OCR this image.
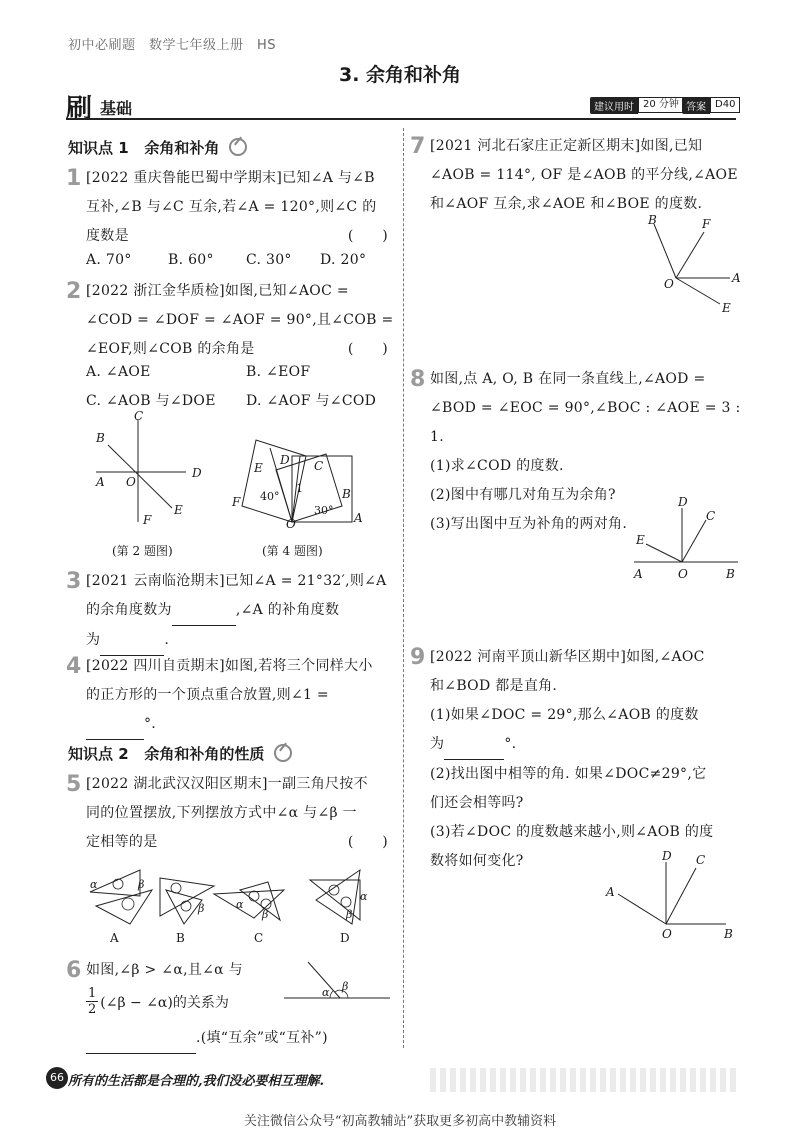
初中必刷题　数学七年级上册　HS
3. 余角和补角
刷 基础	建议用时 20 分钟 答案 D40
知识点 1 余角和补角
1 [2022 重庆鲁能巴蜀中学期末]已知∠A 与∠B
互补,∠B 与∠C 互余,若∠A = 120°,则∠C 的
度数是	(　　)
A. 70°	B. 60°	C. 30°	D. 20°
2 [2022 浙江金华质检]如图,已知∠AOC =
∠COD = ∠DOF = ∠AOF = 90°,且∠COB =
∠EOF,则∠COB 的余角是	(　　)
A. ∠AOE	B. ∠EOF
C. ∠AOB 与∠DOE	D. ∠AOF 与∠COD
C
B
D
A O
F
E
(第 2 题图)
E
D C
B
F
O	A
40°
30°
1
(第 4 题图)
3 [2021 云南临沧期末]已知∠A = 21°32′,则∠A
的余角度数为	,∠A 的补角度数
为	.
4 [2022 四川自贡期末]如图,若将三个同样大小
的正方形的一个顶点重合放置,则∠1 =
°.
知识点 2 余角和补角的性质
5 [2022 湖北武汉汉阳区期末]一副三角尺按不
同的位置摆放,下列摆放方式中∠α 与∠β 一
定相等的是	(　　)
α	β
β	α
β
α
β
A	B	C	D
6 如图,∠β > ∠α,且∠α 与
$\frac{1}{2}$ (∠β − ∠α)的关系为
.(填“互余”或“互补”)
α β
7 [2021 河北石家庄正定新区期末]如图,已知
∠AOB = 114°, OF 是∠AOB 的平分线,∠AOE
和∠AOF 互余,求∠AOE 和∠BOE 的度数.
B	F
O	A
E
8 如图,点 A, O, B 在同一条直线上,∠AOD =
∠BOD = ∠EOC = 90°,∠BOC : ∠AOE = 3 : 1.
(1)求∠COD 的度数.
(2)图中有哪几对角互为余角?
(3)写出图中互为补角的两对角.
D
C
E
A	O	B
9 [2022 河南平顶山新华区期中]如图,∠AOC
和∠BOD 都是直角.
(1)如果∠DOC = 29°,那么∠AOB 的度数
为	°.
(2)找出图中相等的角. 如果∠DOC≠29°,它
们还会相等吗?
(3)若∠DOC 的度数越来越小,则∠AOB 的度
数将如何变化?	D C
A
O	B
66 所有的生活都是合理的,我们没必要相互理解.
关注微信公众号“初高教辅站”获取更多初高中教辅资料
